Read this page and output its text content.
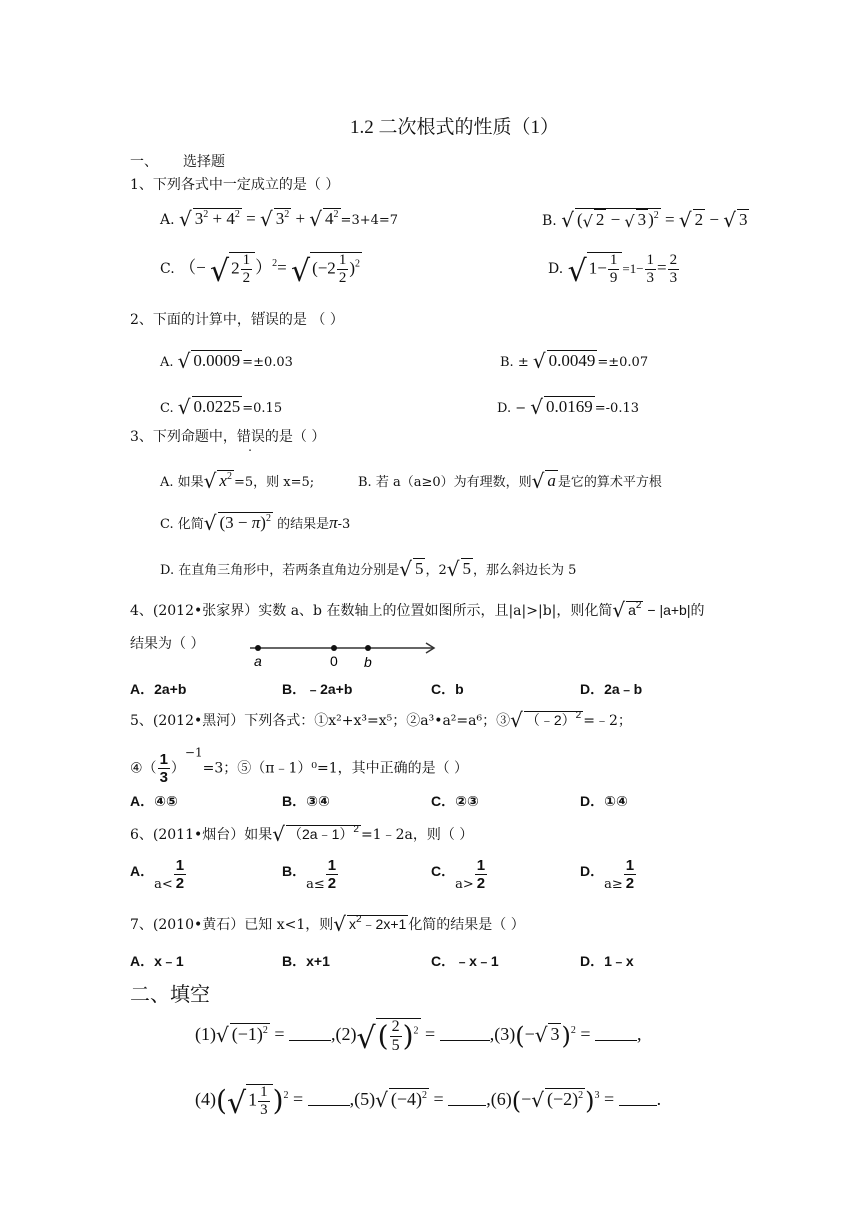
1.2 二次根式的性质（1）
一、 选择题
1、下列各式中一定成立的是（ ）
A. √ $3^2 + 4^2$ = √ $3^2$ + √ $4^2 =3+4=7$	B. √ (√ 2 − √ 3 )$^2$ = √ 2 − √ 3
C. （− √ $2 \frac{1}{2} )^2=$ √ $(-2 \frac{1}{2} )^2$	D. √ $1- \frac{1}{9} =1- \frac{1}{3} = \frac{2}{3}$
2、下面的计算中，错误的是 （ ）
A. √ 0.0009 =±0.03	B. ± √ 0.0049 =±0.07
C. √ 0.0225 =0.15	D. − √ 0.0169 =-0.13
3、下列命题中，错误的是（ ）
A. 如果√ $x^2 =5$，则 x=5;	B. 若 a（a≥0）为有理数，则√ a 是它的算术平方根
C. 化简√ $(3 - \pi)^2$ 的结果是π-3
D. 在直角三角形中，若两条直角边分别是√ 5 ，2√ 5 ，那么斜边长为 5
4、(2012•张家界）实数 a、b 在数轴上的位置如图所示，且|a|>|b|，则化简√ $a^2 - |a+b|$的
结果为（ ）
a	0 b
A．2a+b	B．﹣2a+b	C．b	D．2a﹣b
5、(2012•黑河）下列各式：①x²+x³=x⁵；②a³•a²=a⁶；③√ （﹣2）$^2$ =﹣2；
④（ $\frac{1}{3} )^{-1}=3$；⑤（π﹣1）⁰=1，其中正确的是（ ）
A．④⑤	B．③④	C．②③	D．①④
6、(2011•烟台）如果√ （2a﹣1）$^2$ =1﹣2a，则（ ）
A．$a< \frac{1}{2}$	B．$a\le \frac{1}{2}$	C．$a> \frac{1}{2}$	D．$a\ge \frac{1}{2}$
7、(2010•黄石）已知 x<1，则√ $x^2﹣2x+1$ 化简的结果是（ ）
A．x﹣1	B．x+1	C．﹣x﹣1	D．1﹣x
二、填空
(1)√ $(-1)^2 = ,(2)√( \frac{2}{5} )^2$ =	,(3)(−√ 3)$^2$ = ,
(4)(√ $1 \frac{1}{3} )^2 = ,(5)√$ $(-4)^2 = ,(6)(-√$ $(-2)^2)^3$ = .
